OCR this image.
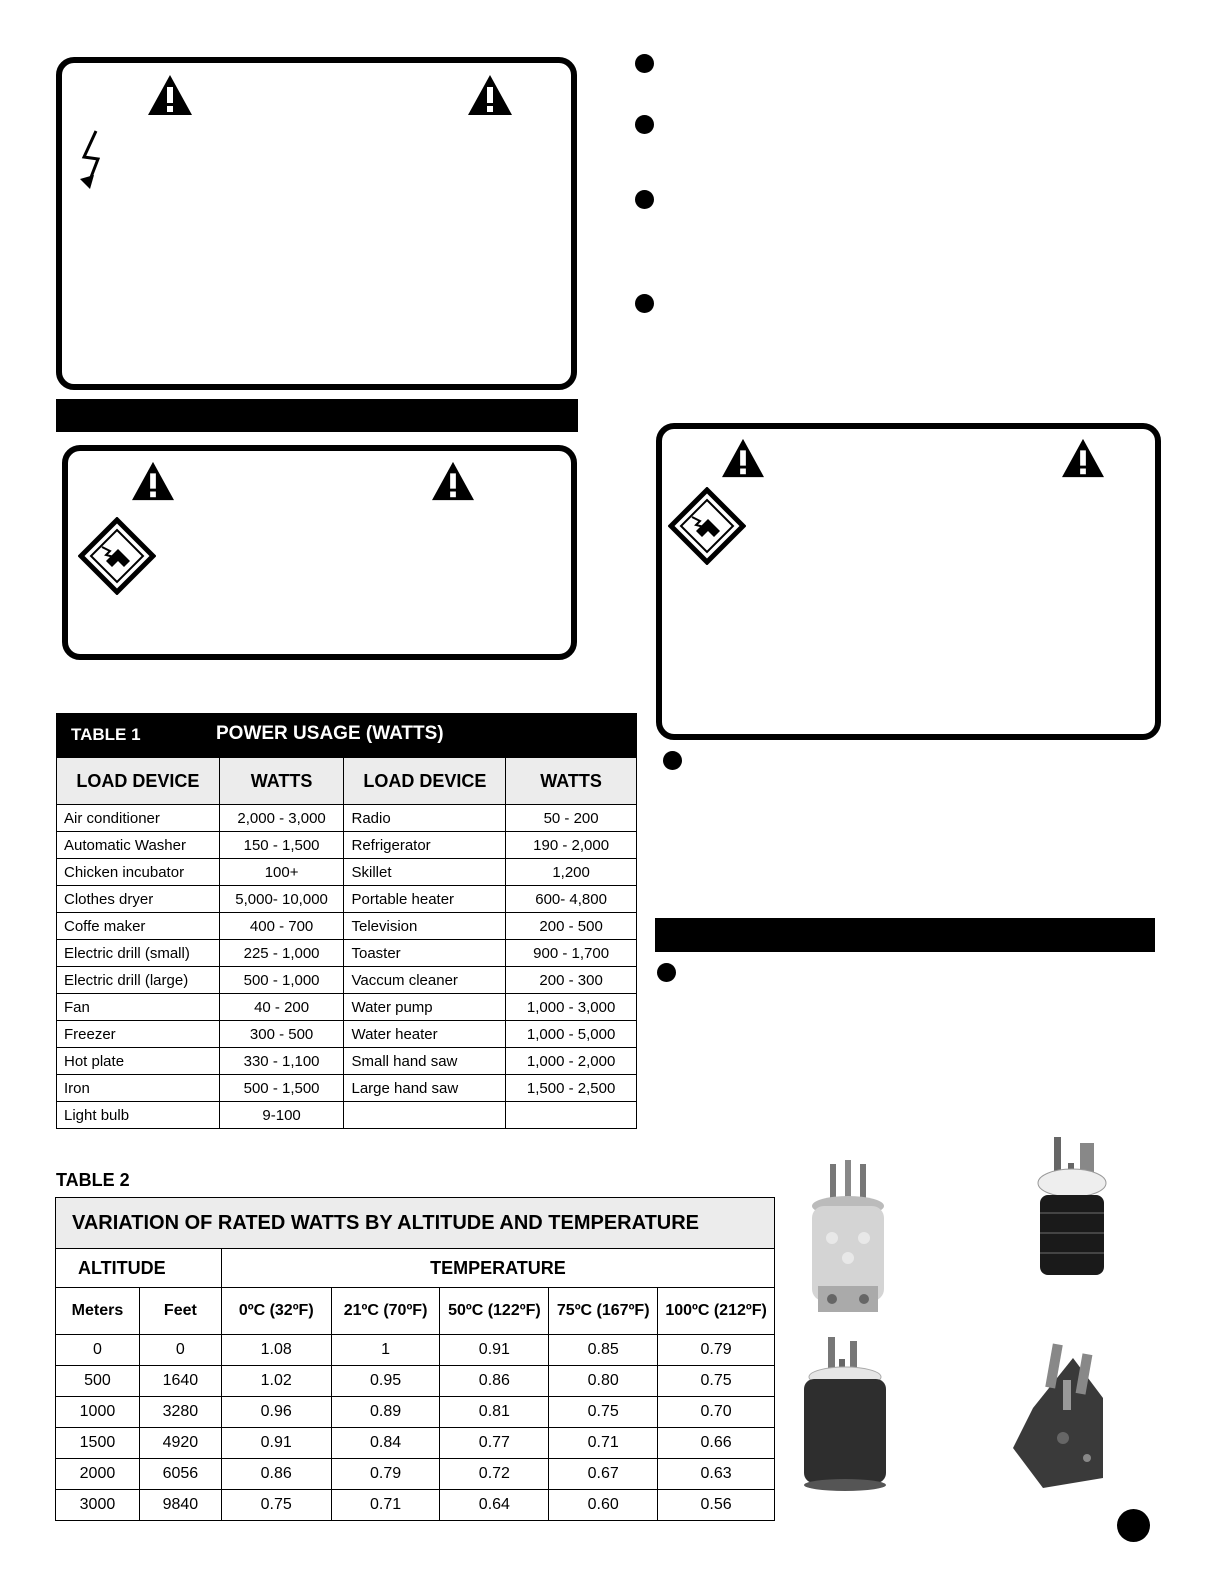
TABLE 1	POWER USAGE (WATTS)
LOAD DEVICE	WATTS	LOAD DEVICE	WATTS
Air conditioner	2,000 - 3,000	Radio	50 - 200
Automatic Washer	150 - 1,500	Refrigerator	190 - 2,000
Chicken incubator	100+	Skillet	1,200
Clothes dryer	5,000- 10,000	Portable heater	600- 4,800
Coffe maker	400 - 700	Television	200 - 500
Electric drill (small)	225 - 1,000	Toaster	900 - 1,700
Electric drill (large)	500 - 1,000	Vaccum cleaner	200 - 300
Fan	40 - 200	Water pump	1,000 - 3,000
Freezer	300 - 500	Water heater	1,000 - 5,000
Hot plate	330 - 1,100	Small hand saw	1,000 - 2,000
Iron	500 - 1,500	Large hand saw	1,500 - 2,500
Light bulb	9-100		
TABLE 2
VARIATION OF RATED WATTS BY ALTITUDE AND TEMPERATURE						
ALTITUDE		TEMPERATURE				
Meters	Feet	0ºC (32ºF)	21ºC (70ºF)	50ºC (122ºF)	75ºC (167ºF)	100ºC (212ºF)
0	0	1.08	1	0.91	0.85	0.79
500	1640	1.02	0.95	0.86	0.80	0.75
1000	3280	0.96	0.89	0.81	0.75	0.70
1500	4920	0.91	0.84	0.77	0.71	0.66
2000	6056	0.86	0.79	0.72	0.67	0.63
3000	9840	0.75	0.71	0.64	0.60	0.56
